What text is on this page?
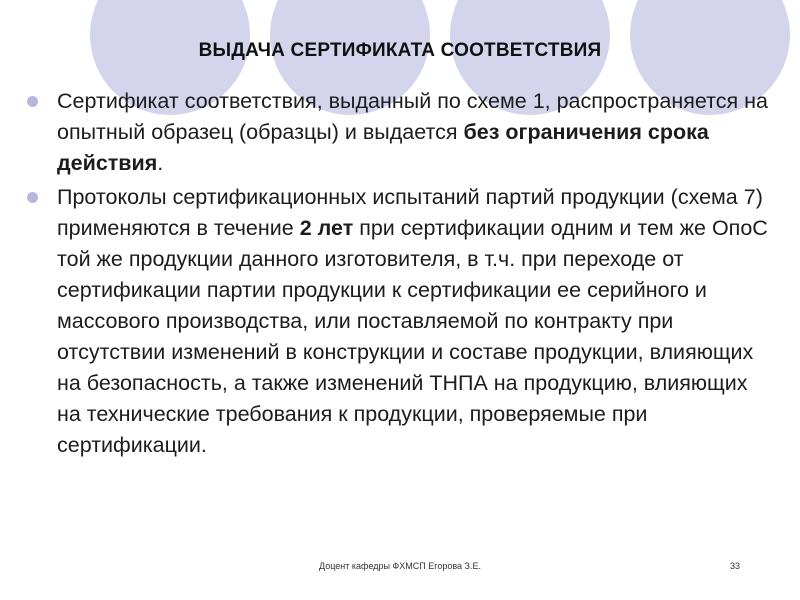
ВЫДАЧА СЕРТИФИКАТА СООТВЕТСТВИЯ
Сертификат соответствия, выданный по схеме 1, распространяется на опытный образец (образцы) и выдается без ограничения срока действия.
Протоколы сертификационных испытаний партий продукции (схема 7) применяются в течение 2 лет при сертификации одним и тем же ОпоС той же продукции данного изготовителя, в т.ч. при переходе от сертификации партии продукции к сертификации ее серийного и массового производства, или поставляемой по контракту при отсутствии изменений в конструкции и составе продукции, влияющих на безопасность, а также изменений ТНПА на продукцию, влияющих на технические требования к продукции, проверяемые при сертификации.
Доцент кафедры ФХМСП Егорова З.Е.	33
